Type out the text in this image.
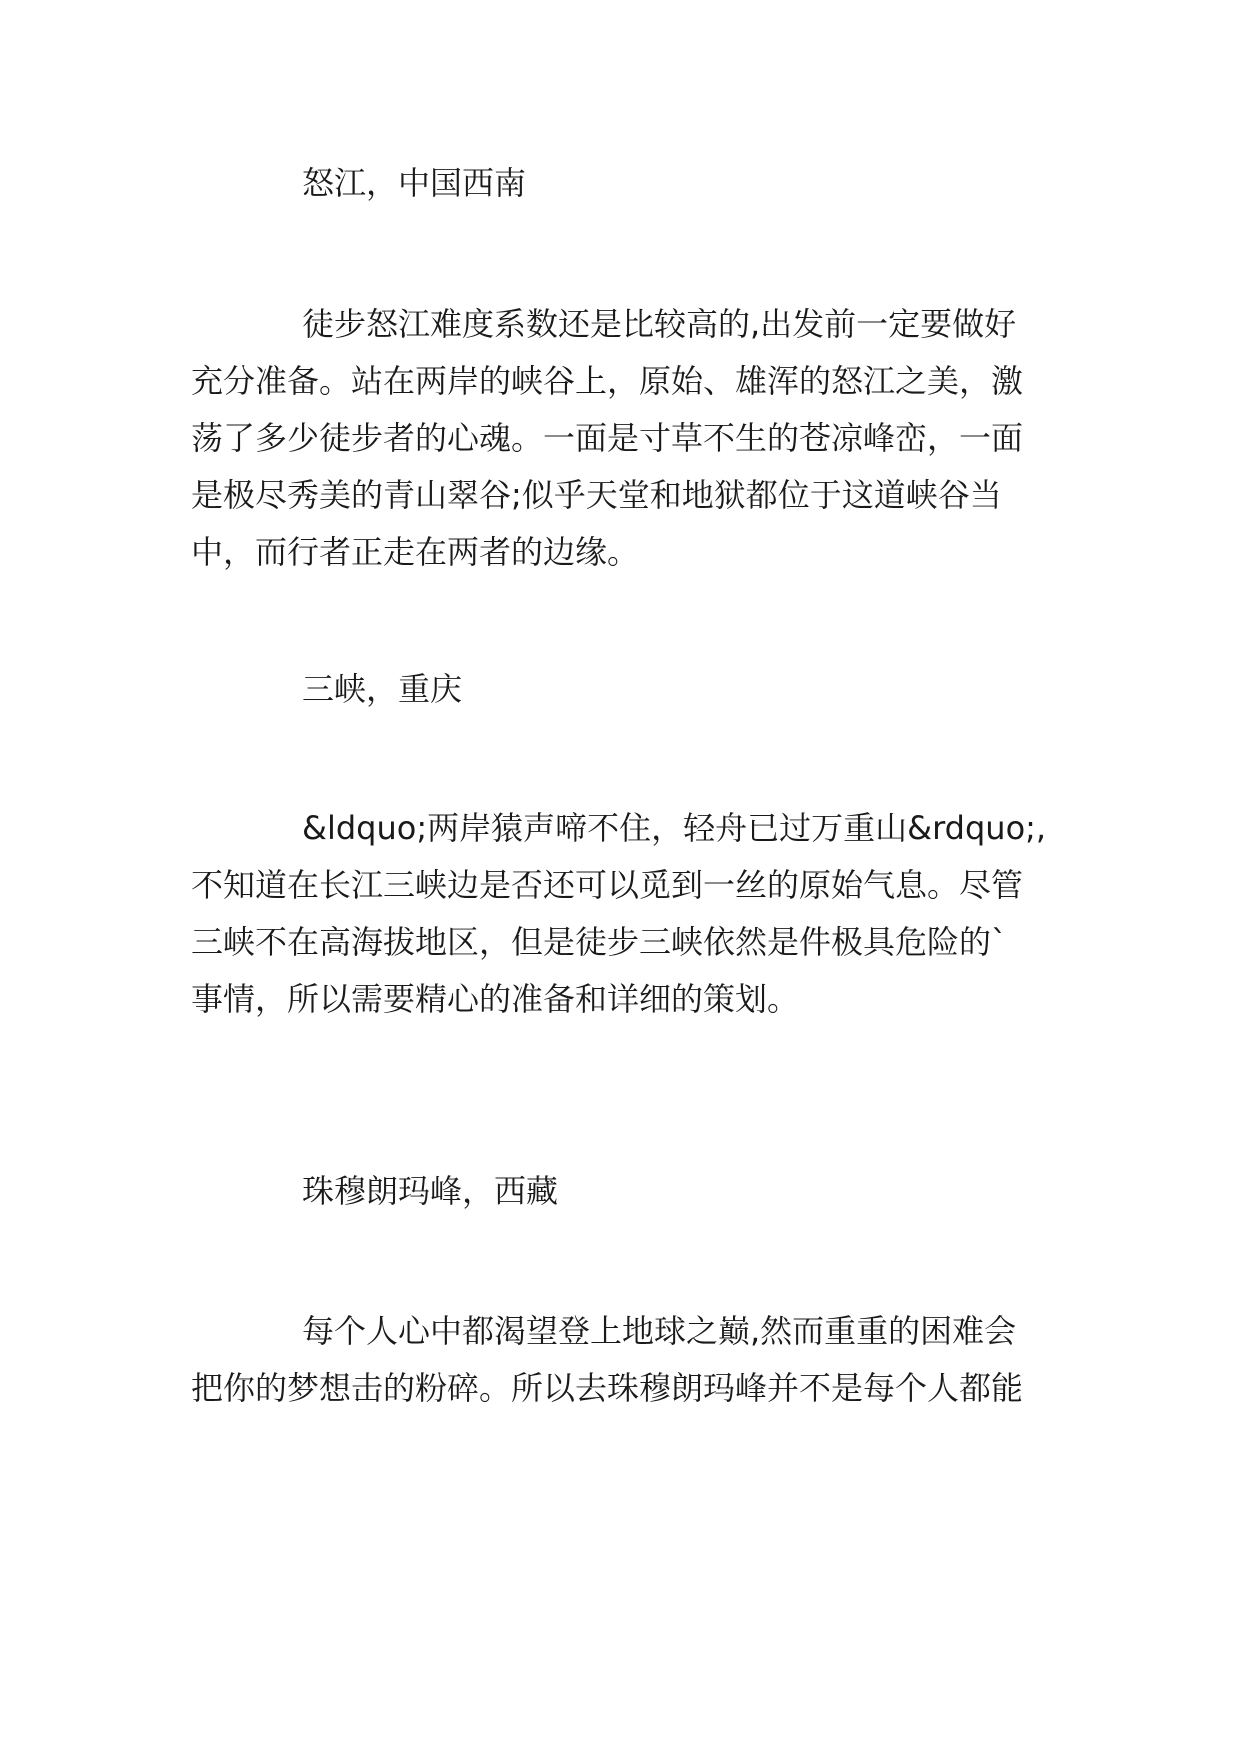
怒江，中国西南
徒步怒江难度系数还是比较高的,出发前一定要做好
充分准备。站在两岸的峡谷上，原始、雄浑的怒江之美，激
荡了多少徒步者的心魂。一面是寸草不生的苍凉峰峦，一面
是极尽秀美的青山翠谷;似乎天堂和地狱都位于这道峡谷当
中，而行者正走在两者的边缘。
三峡，重庆
&ldquo;两岸猿声啼不住，轻舟已过万重山&rdquo;,
不知道在长江三峡边是否还可以觅到一丝的原始气息。尽管
三峡不在高海拔地区，但是徒步三峡依然是件极具危险的`
事情，所以需要精心的准备和详细的策划。
珠穆朗玛峰，西藏
每个人心中都渴望登上地球之巅,然而重重的困难会
把你的梦想击的粉碎。所以去珠穆朗玛峰并不是每个人都能
